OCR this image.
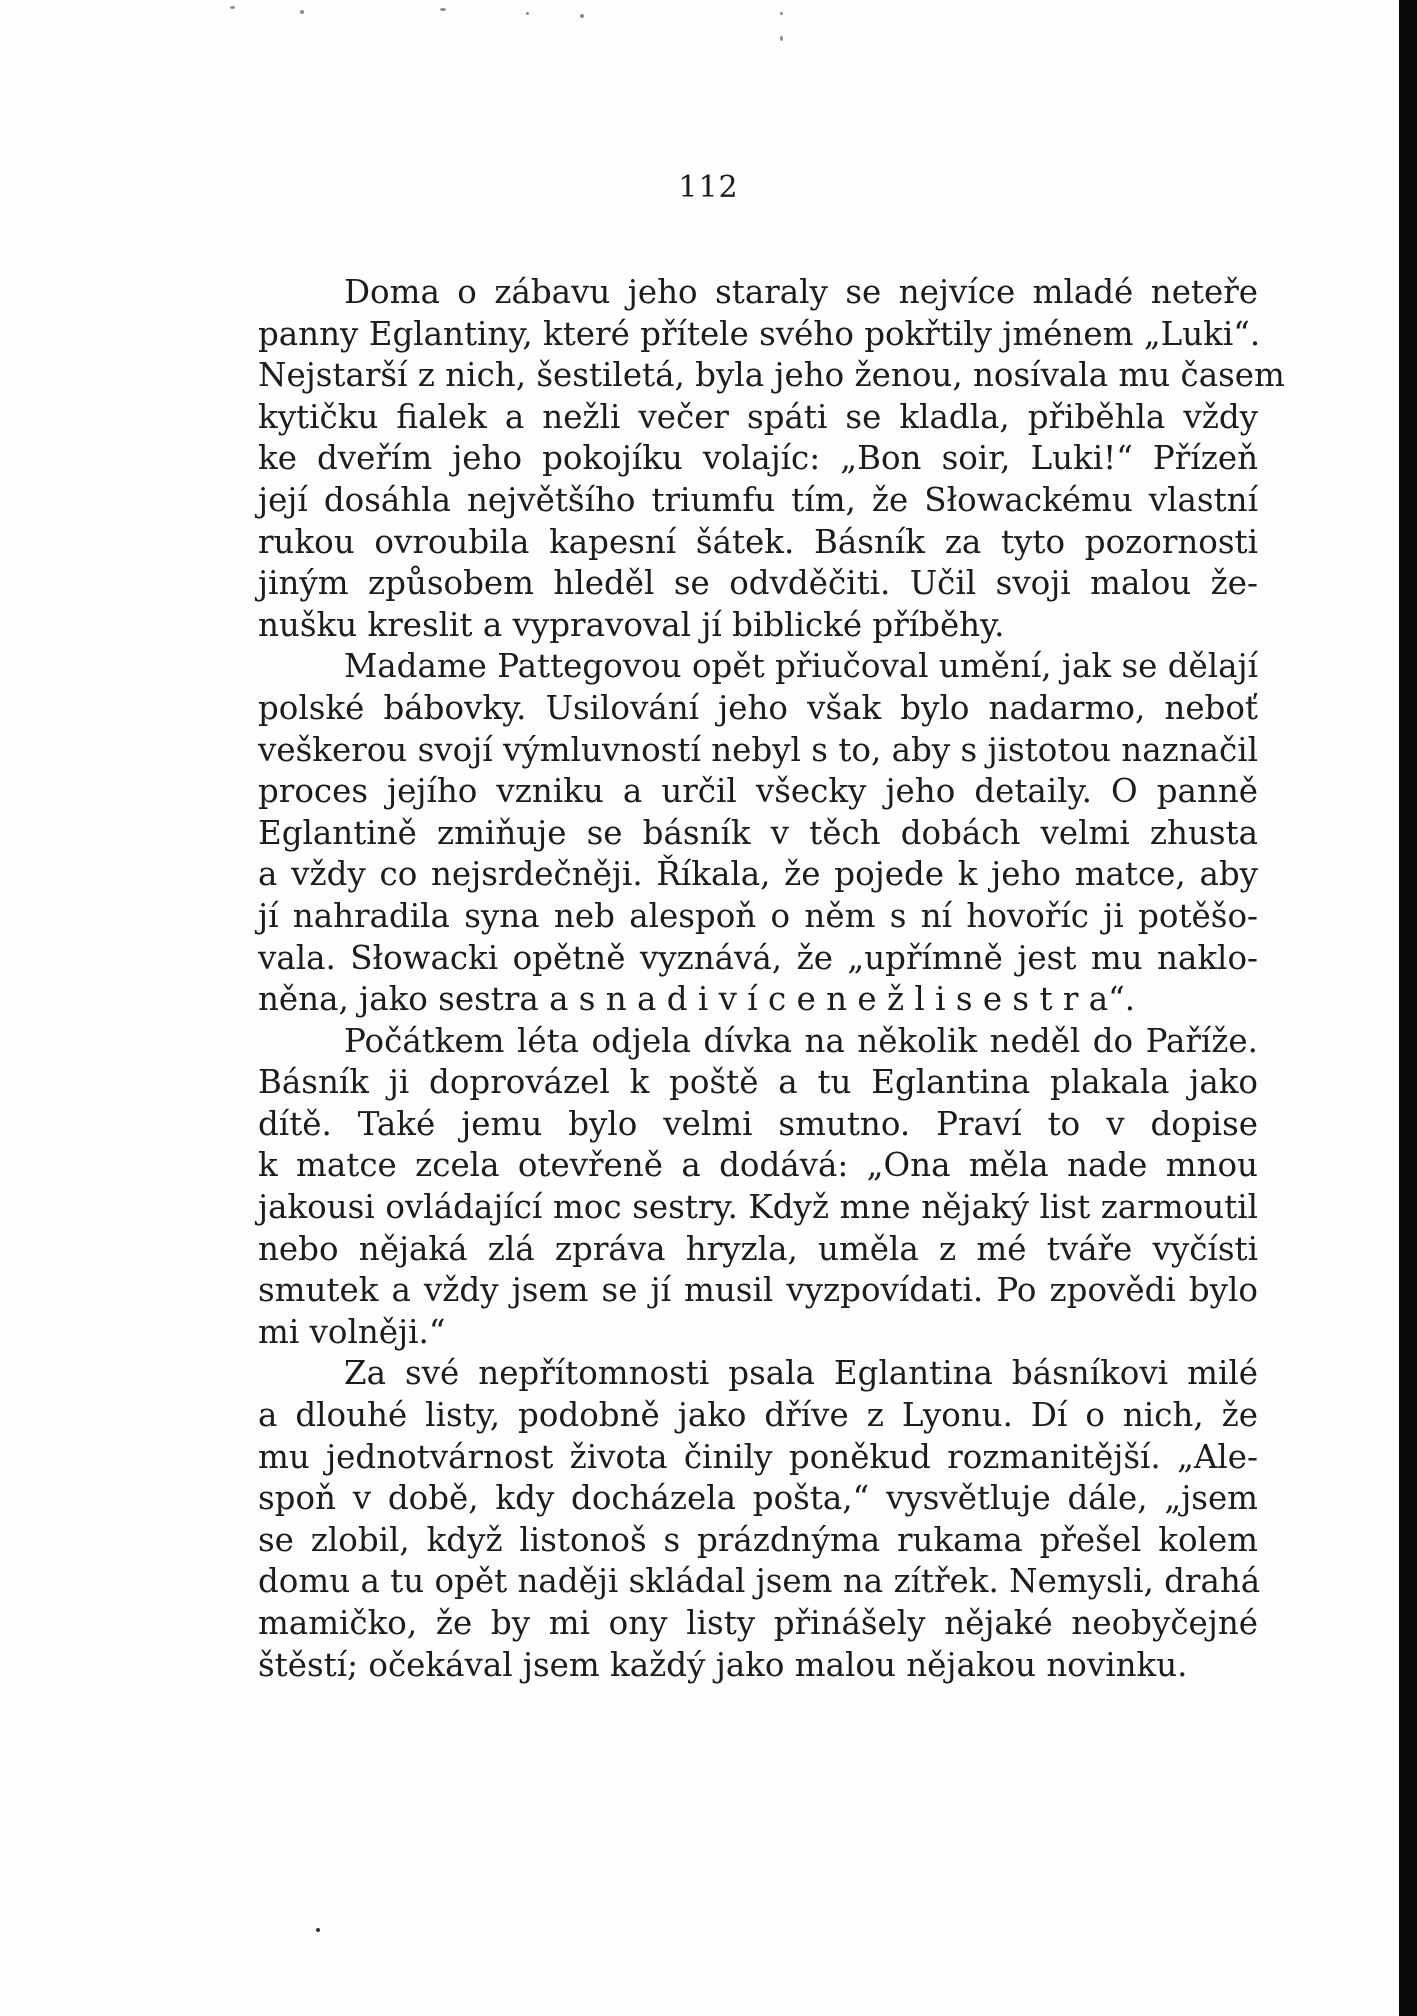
112
Doma o zábavu jeho staraly se nejvíce mladé neteře
panny Eglantiny, které přítele svého pokřtily jménem „Luki“.
Nejstarší z nich, šestiletá, byla jeho ženou, nosívala mu časem
kytičku fialek a nežli večer spáti se kladla, přiběhla vždy
ke dveřím jeho pokojíku volajíc: „Bon soir, Luki!“ Přízeň
její dosáhla největšího triumfu tím, že Słowackému vlastní
rukou ovroubila kapesní šátek. Básník za tyto pozornosti
jiným způsobem hleděl se odvděčiti. Učil svoji malou že-
nušku kreslit a vypravoval jí biblické příběhy.
Madame Pattegovou opět přiučoval umění, jak se dělají
polské bábovky. Usilování jeho však bylo nadarmo, neboť
veškerou svojí výmluvností nebyl s to, aby s jistotou naznačil
proces jejího vzniku a určil všecky jeho detaily. O panně
Eglantině zmiňuje se básník v těch dobách velmi zhusta
a vždy co nejsrdečněji. Říkala, že pojede k jeho matce, aby
jí nahradila syna neb alespoň o něm s ní hovoříc ji potěšo-
vala. Słowacki opětně vyznává, že „upřímně jest mu naklo-
něna, jako sestra a s n a d i v í c e n e ž l i s e s t r a“.
Počátkem léta odjela dívka na několik neděl do Paříže.
Básník ji doprovázel k poště a tu Eglantina plakala jako
dítě. Také jemu bylo velmi smutno. Praví to v dopise
k matce zcela otevřeně a dodává: „Ona měla nade mnou
jakousi ovládající moc sestry. Když mne nějaký list zarmoutil
nebo nějaká zlá zpráva hryzla, uměla z mé tváře vyčísti
smutek a vždy jsem se jí musil vyzpovídati. Po zpovědi bylo
mi volněji.“
Za své nepřítomnosti psala Eglantina básníkovi milé
a dlouhé listy, podobně jako dříve z Lyonu. Dí o nich, že
mu jednotvárnost života činily poněkud rozmanitější. „Ale-
spoň v době, kdy docházela pošta,“ vysvětluje dále, „jsem
se zlobil, když listonoš s prázdnýma rukama přešel kolem
domu a tu opět naději skládal jsem na zítřek. Nemysli, drahá
mamičko, že by mi ony listy přinášely nějaké neobyčejné
štěstí; očekával jsem každý jako malou nějakou novinku.
